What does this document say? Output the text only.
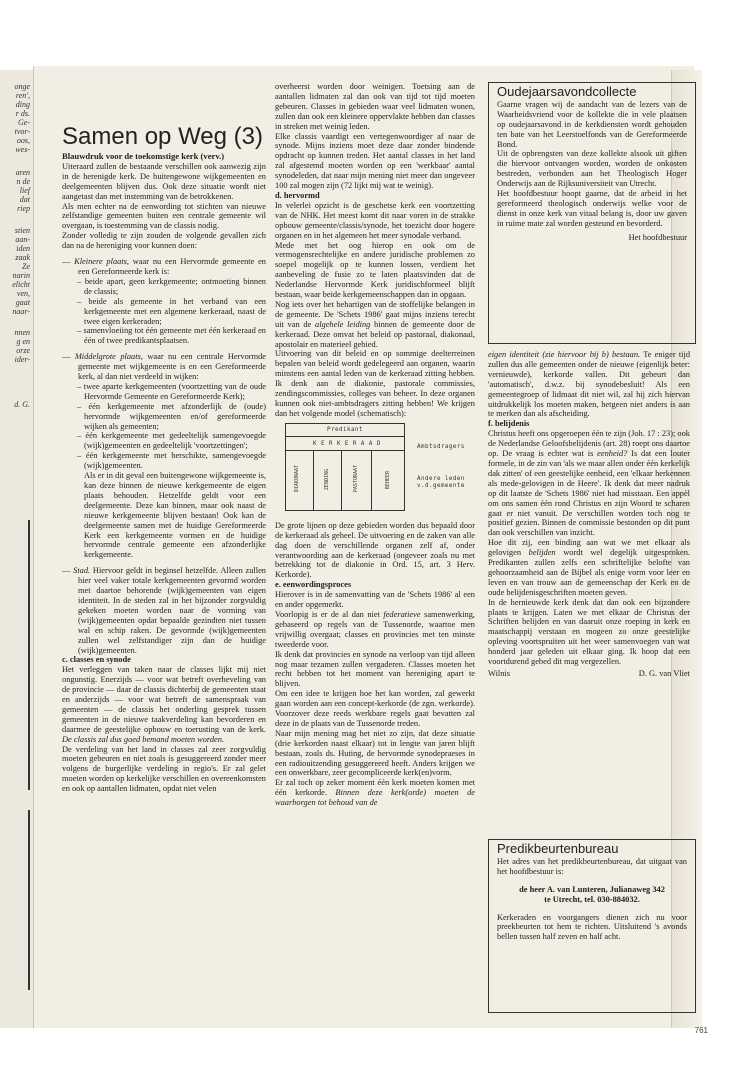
onge

ren',

ding

r ds.

Ge-

tvor-

oos,

wes-

aren

n de

lief

dat

riep

stien

aan-

iden

zaak

Ze

narin

elicht

ven,

gaat

naar-

nnen

g en

orze

ider-

d. G.

Samen op Weg (3)

Blauwdruk voor de toekomstige kerk (verv.)

Uiteraard zullen de bestaande verschillen ook aanwezig zijn in de herenigde kerk. De buitengewone wijkgemeenten en deelgemeenten blijven dus. Ook deze situatie wordt niet aangetast dan met instemming van de betrokkenen.

Als men echter na de eenwording tot stichten van nieuwe zelfstandige gemeenten buiten een centrale gemeente wil overgaan, is toestemming van de classis nodig.

Zonder volledig te zijn zouden de volgende gevallen zich dan na de hereniging voor kunnen doen:

— Kleinere plaats, waar nu een Hervormde gemeente en een Gereformeerde kerk is:

– beide apart, geen kerkgemeente; ontmoeting binnen de classis;

– beide als gemeente in het verband van een kerkgemeente met een algemene kerkeraad, naast de twee eigen kerkeraden;

– samenvloeiing tot één gemeente met één kerkeraad en één of twee predikantsplaatsen.

— Middelgrote plaats, waar nu een centrale Hervormde gemeente met wijkgemeente is en een Gereformeerde kerk, al dan niet verdeeld in wijken:

– twee aparte kerkgemeenten (voortzetting van de oude Hervormde Gemeente en Gereformeerde Kerk);

– één kerkgemeente met afzonderlijk de (oude) hervormde wijkgemeenten en/of gereformeerde wijken als gemeenten;

– één kerkgemeente met gedeeltelijk samengevoegde (wijk)gemeenten en gedeeltelijk 'voortzettingen';

– één kerkgemeente met herschikte, samengevoegde (wijk)gemeenten.

Als er in dit geval een buitengewone wijkgemeente is, kan deze binnen de nieuwe kerkgemeente de eigen plaats behouden. Hetzelfde geldt voor een deelgemeente. Deze kan binnen, maar ook naast de nieuwe kerkgemeente blijven bestaan! Ook kan de deelgemeente samen met de huidige Gereformeerde Kerk een kerkgemeente vormen en de huidige hervormde centrale gemeente een afzonderlijke kerkgemeente.

— Stad. Hiervoor geldt in beginsel hetzelfde. Alleen zullen hier veel vaker totale kerkgemeenten gevormd worden met daartoe behorende (wijk)gemeenten van eigen identiteit. In de steden zal in het bijzonder zorgvuldig gekeken moeten worden naar de vorming van (wijk)gemeenten opdat bepaalde gezindten niet tussen wal en schip raken. De gevormde (wijk)gemeenten zullen wel zelfstandiger zijn dan de huidige (wijk)gemeenten.

c. classes en synode

Het verleggen van taken naar de classes lijkt mij niet ongunstig. Enerzijds — voor wat betreft overheveling van de provincie — daar de classis dichterbij de gemeenten staat en anderzijds — voor wat betreft de samenspraak van gemeenten — de classis het onderling gesprek tussen gemeenten in de nieuwe taakverdeling kan bevorderen en daarmee de geestelijke opbouw en toerusting van de kerk. De classis zal dus goed bemand moeten worden.

De verdeling van het land in classes zal zeer zorgvuldig moeten gebeuren en niet zoals is gesuggereerd zonder meer volgens de burgerlijke verdeling in regio's. Er zal gelet moeten worden op kerkelijke verschillen en overeenkomsten en ook op aantallen lidmaten, opdat niet velen

overheerst worden door weinigen. Toetsing aan de aantallen lidmaten zal dan ook van tijd tot tijd moeten gebeuren. Classes in gebieden waar veel lidmaten wonen, zullen dan ook een kleinere oppervlakte hebben dan classes in streken met weinig leden.

Elke classis vaardigt een vertegenwoordiger af naar de synode. Mijns inziens moet deze daar zonder bindende opdracht op kunnen treden. Het aantal classes in het land zal afgestemd moeten worden op een 'werkbaar' aantal synodeleden, dat naar mijn mening niet meer dan ongeveer 100 zal mogen zijn (72 lijkt mij wat te weinig).

d. hervormd

In velerlei opzicht is de geschetse kerk een voortzetting van de NHK. Het meest komt dit naar voren in de strakke opbouw gemeente/classis/synode, het toezicht door hogere organen en in het algemeen het meer synodale verband.

Mede met het oog hierop en ook om de vermogensrechtelijke en andere juridische problemen zo soepel mogelijk op te kunnen lossen, verdient het aanbeveling de fusie zo te laten plaatsvinden dat de Nederlandse Hervormde Kerk juridischformeel blijft bestaan, waar beide kerkgemeenschappen dan in opgaan.

Nog iets over het behartigen van de stoffelijke belangen in de gemeente. De 'Schets 1986' gaat mijns inziens terecht uit van de algehele leiding binnen de gemeente door de kerkeraad. Deze omvat het beleid op pastoraal, diakonaal, apostolair en materieel gebied.

Uitvoering van dit beleid en op sommige deelterreinen bepalen van beleid wordt gedelegeerd aan organen, waarin minstens een aantal leden van de kerkeraad zitting hebben. Ik denk aan de diakonie, pastorale commissies, zendingscommissies, colleges van beheer. In deze organen kunnen ook niet-ambtsdragers zitting hebben! We krijgen dan het volgende model (schematisch):

Predikant
K E R K E R A A D
DIAKONAAT	ZENDING	PASTORAAT	BEHEER
Ambtsdragers
Andere leden
v.d.gemeente

De grote lijnen op deze gebieden worden dus bepaald door de kerkeraad als geheel. De uitvoering en de zaken van alle dag doen de verschillende organen zelf af, onder verantwoording aan de kerkeraad (ongeveer zoals nu met betrekking tot de diakonie in Ord. 15, art. 3 Herv. Kerkorde).

e. eenwordingsproces

Hierover is in de samenvatting van de 'Schets 1986' al een en ander opgemerkt.

Voorlopig is er de al dan niet federatieve samenwerking, gebaseerd op regels van de Tussenorde, waartoe men vrijwillig overgaat; classes en provincies met ten minste tweederde voor.

Ik denk dat provincies en synode na verloop van tijd alleen nog maar tezamen zullen vergaderen. Classes moeten het recht hebben tot het moment van hereniging apart te blijven.

Om een idee te krijgen hoe het kan worden, zal gewerkt gaan worden aan een concept-kerkorde (de zgn. werkorde). Voorzover deze reeds werkbare regels gaat bevatten zal deze in de plaats van de Tussenorde treden.

Naar mijn mening mag het niet zo zijn, dat deze situatie (drie kerkorden naast elkaar) tot in lengte van jaren blijft bestaan, zoals ds. Huting, de hervormde synodepraeses in een radiouitzending gesuggereerd heeft. Anders krijgen we een onwerkbare, zeer gecompliceerde kerk(en)vorm.

Er zal toch op zeker moment één kerk moeten komen met één kerkorde. Binnen deze kerk(orde) moeten de waarborgen tot behoud van de

Oudejaarsavondcollecte

Gaarne vragen wij de aandacht van de lezers van de Waarheidsvriend voor de kollekte die in vele plaatsen op oudejaarsavond in de kerkdiensten wordt gehouden ten bate van het Leerstoelfonds van de Gereformeerde Bond.

Uit de opbrengsten van deze kollekte alsook uit giften die hiervoor ontvangen worden, worden de onkosten bestreden, verbonden aan het Theologisch Hoger Onderwijs aan de Rijksuniversiteit van Utrecht.

Het hoofdbestuur hoopt gaarne, dat de arbeid in het gereformeerd theologisch onderwijs welke voor de dienst in onze kerk van vitaal belang is, door uw gaven in ruime mate zal worden gesteund en bevorderd.

Het hoofdbestuur

eigen identiteit (zie hiervoor bij b) bestaan. Te eniger tijd zullen dus alle gemeenten onder de nieuwe (eigenlijk beter: vernieuwde), kerkorde vallen. Dit gebeurt dan 'automatisch', d.w.z. bij synodebesluit! Als een gemeentegroep of lidmaat dit niet wil, zal hij zich hiervan uitdrukkelijk los moeten maken, hetgeen niet anders is aan te merken dan als afscheiding.

f. belijdenis

Christus heeft ons opgeroepen één te zijn (Joh. 17 : 23); ook de Nederlandse Geloofsbelijdenis (art. 28) roept ons daartoe op. De vraag is echter wat is eenheid? Is dat een louter formele, in de zin van 'als we maar allen onder één kerkelijk dak zitten' of een geestelijke eenheid, een 'elkaar herkennen als mede-gelovigen in de Heere'. Ik denk dat meer nadruk op dit laatste de 'Schets 1986' niet had misstaan. Een appèl om ons samen één rond Christus en zijn Woord te scharen gaat er niet vanuit. De verschillen worden toch nog te positief gezien. Binnen de commissie bestonden op dit punt dan ook verschillen van inzicht.

Hoe dit zij, een binding aan wat we met elkaar als gelovigen belijden wordt wel degelijk uitgesproken. Predikanten zullen zelfs een schriftelijke belofte van gehoorzaamheid aan de Bijbel als enige vorm voor leer en leven en van trouw aan de gemeenschap der Kerk en de oude belijdenisgeschriften moeten geven.

In de hernieuwde kerk denk dat dan ook een bijzondere plaats te krijgen. Laten we met elkaar de Christus der Schriften belijden en van daaruit onze roeping in kerk en maatschappij verstaan en mogeen zo onze geestelijke opleving voortspruiten uit het weer samenvoegen van wat honderd jaar geleden uit elkaar ging. Ik hoop dat een voortdurend gebed dit mag vergezellen.

Wilnis	D. G. van Vliet
Predikbeurtenbureau

Het adres van het predikbeurtenbureau, dat uitgaat van het hoofdbestuur is:

de heer A. van Lunteren, Julianaweg 342

te Utrecht, tel. 030-884032.

Kerkeraden en voorgangers dienen zich nu voor preekbeurten tot hem te richten. Uitsluitend 's avonds bellen tussen half zeven en half acht.

761
